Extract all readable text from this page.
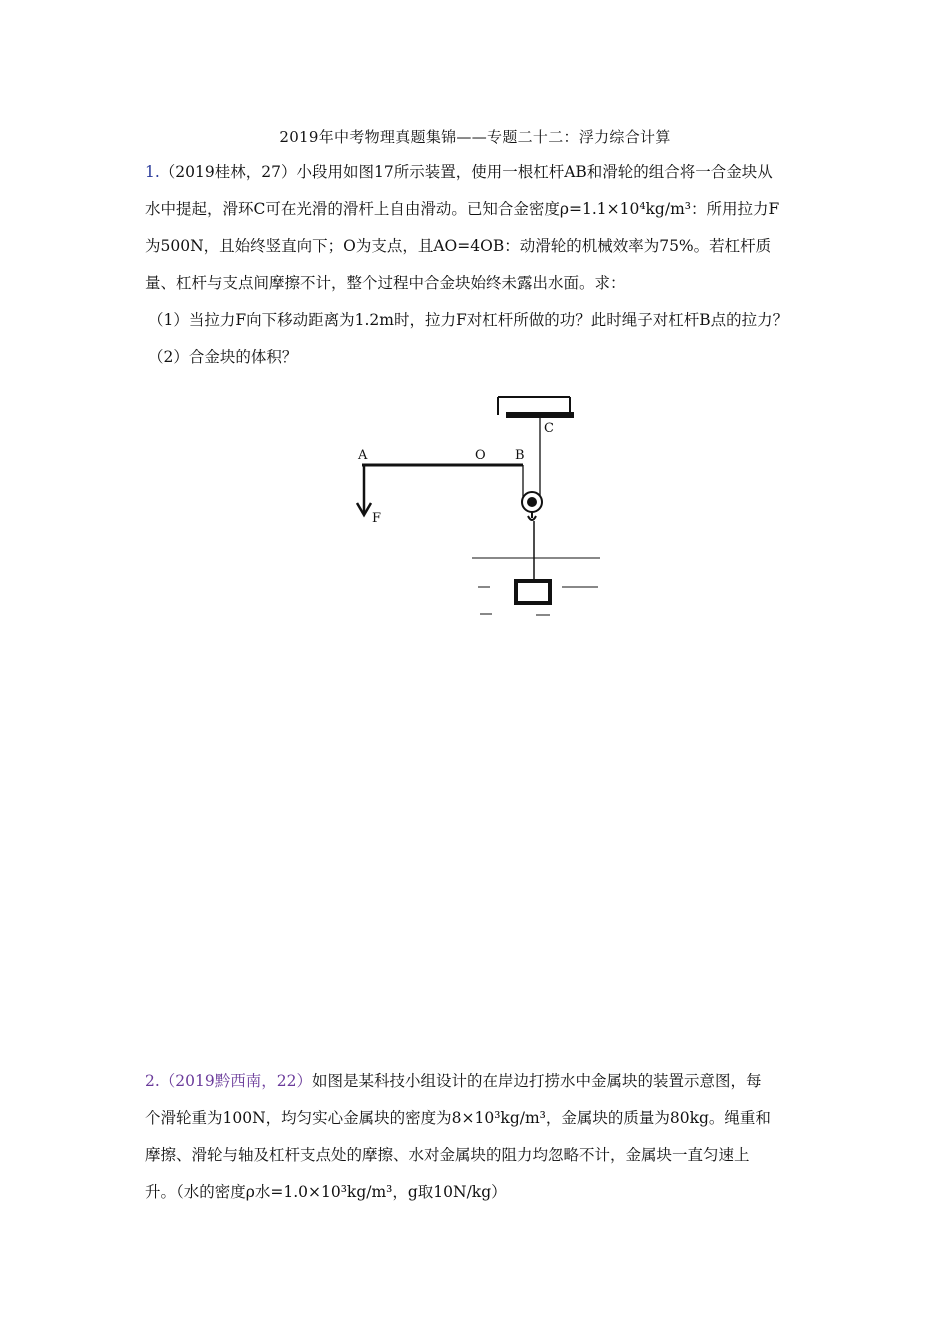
2019年中考物理真题集锦——专题二十二：浮力综合计算
1.（2019桂林，27）小段用如图17所示装置，使用一根杠杆AB和滑轮的组合将一合金块从
水中提起，滑环C可在光滑的滑杆上自由滑动。已知合金密度ρ=1.1×10⁴kg/m³：所用拉力F
为500N，且始终竖直向下；O为支点，且AO=4OB：动滑轮的机械效率为75%。若杠杆质
量、杠杆与支点间摩擦不计，整个过程中合金块始终未露出水面。求：
（1）当拉力F向下移动距离为1.2m时，拉力F对杠杆所做的功？此时绳子对杠杆B点的拉力？
（2）合金块的体积？
C
A	O B
F
2.（2019黔西南，22）如图是某科技小组设计的在岸边打捞水中金属块的装置示意图，每
个滑轮重为100N，均匀实心金属块的密度为8×10³kg/m³，金属块的质量为80kg。绳重和
摩擦、滑轮与轴及杠杆支点处的摩擦、水对金属块的阻力均忽略不计，金属块一直匀速上
升。（水的密度ρ水=1.0×10³kg/m³，g取10N/kg）
